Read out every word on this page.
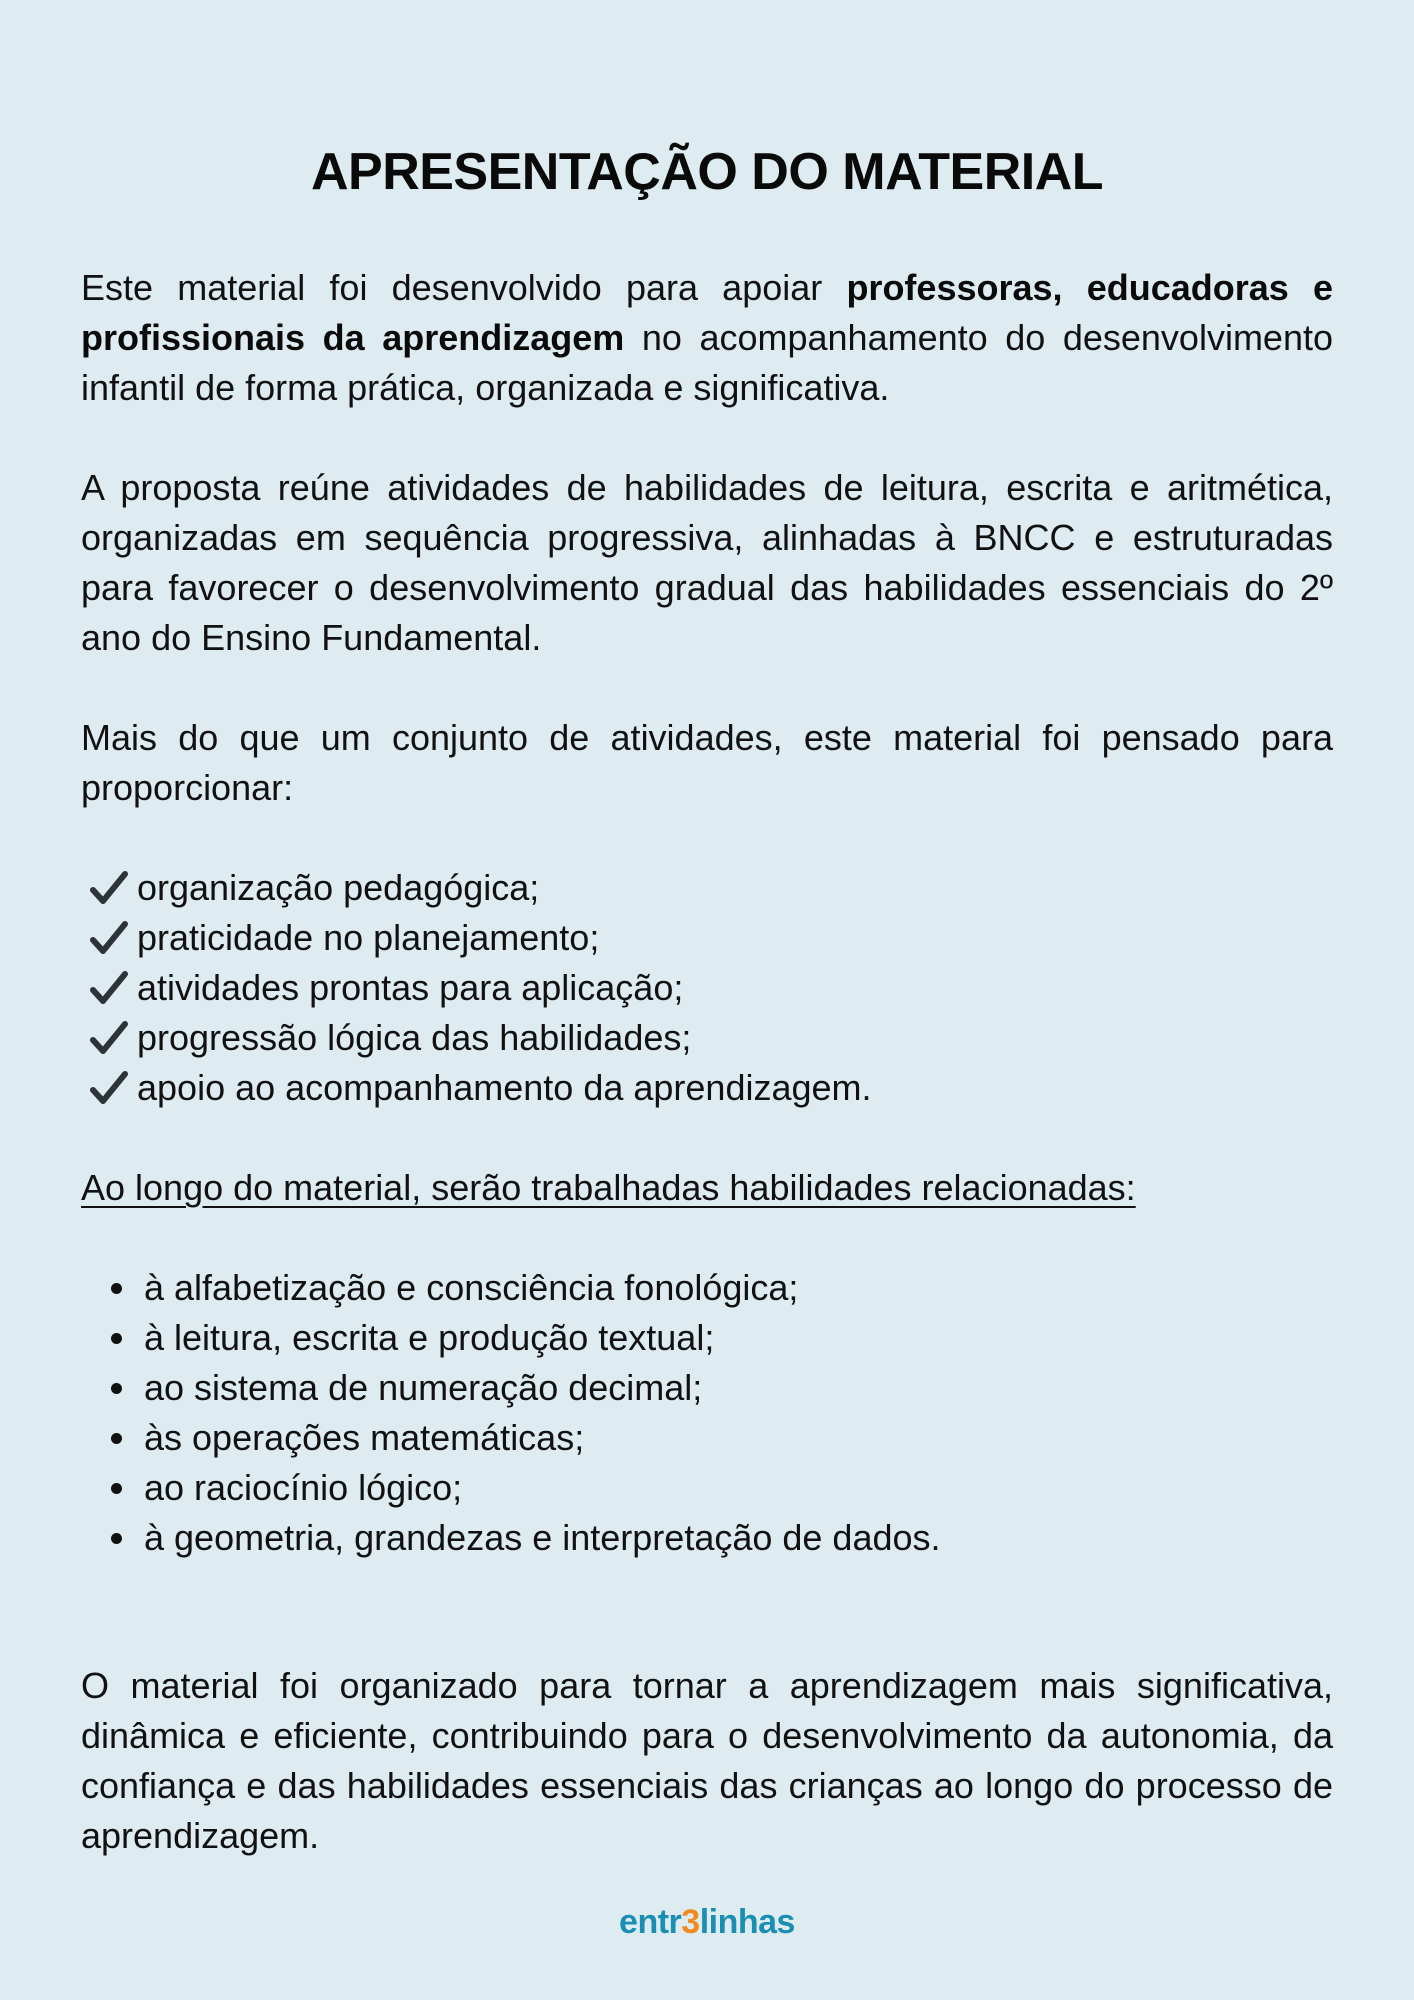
APRESENTAÇÃO DO MATERIAL
Este material foi desenvolvido para apoiar professoras, educadoras e profissionais da aprendizagem no acompanhamento do desenvolvimento infantil de forma prática, organizada e significativa.
A proposta reúne atividades de habilidades de leitura, escrita e aritmética, organizadas em sequência progressiva, alinhadas à BNCC e estruturadas para favorecer o desenvolvimento gradual das habilidades essenciais do 2º ano do Ensino Fundamental.
Mais do que um conjunto de atividades, este material foi pensado para proporcionar:
organização pedagógica;
praticidade no planejamento;
atividades prontas para aplicação;
progressão lógica das habilidades;
apoio ao acompanhamento da aprendizagem.
Ao longo do material, serão trabalhadas habilidades relacionadas:
à alfabetização e consciência fonológica;
à leitura, escrita e produção textual;
ao sistema de numeração decimal;
às operações matemáticas;
ao raciocínio lógico;
à geometria, grandezas e interpretação de dados.
O material foi organizado para tornar a aprendizagem mais significativa, dinâmica e eficiente, contribuindo para o desenvolvimento da autonomia, da confiança e das habilidades essenciais das crianças ao longo do processo de aprendizagem.
entr3linhas
